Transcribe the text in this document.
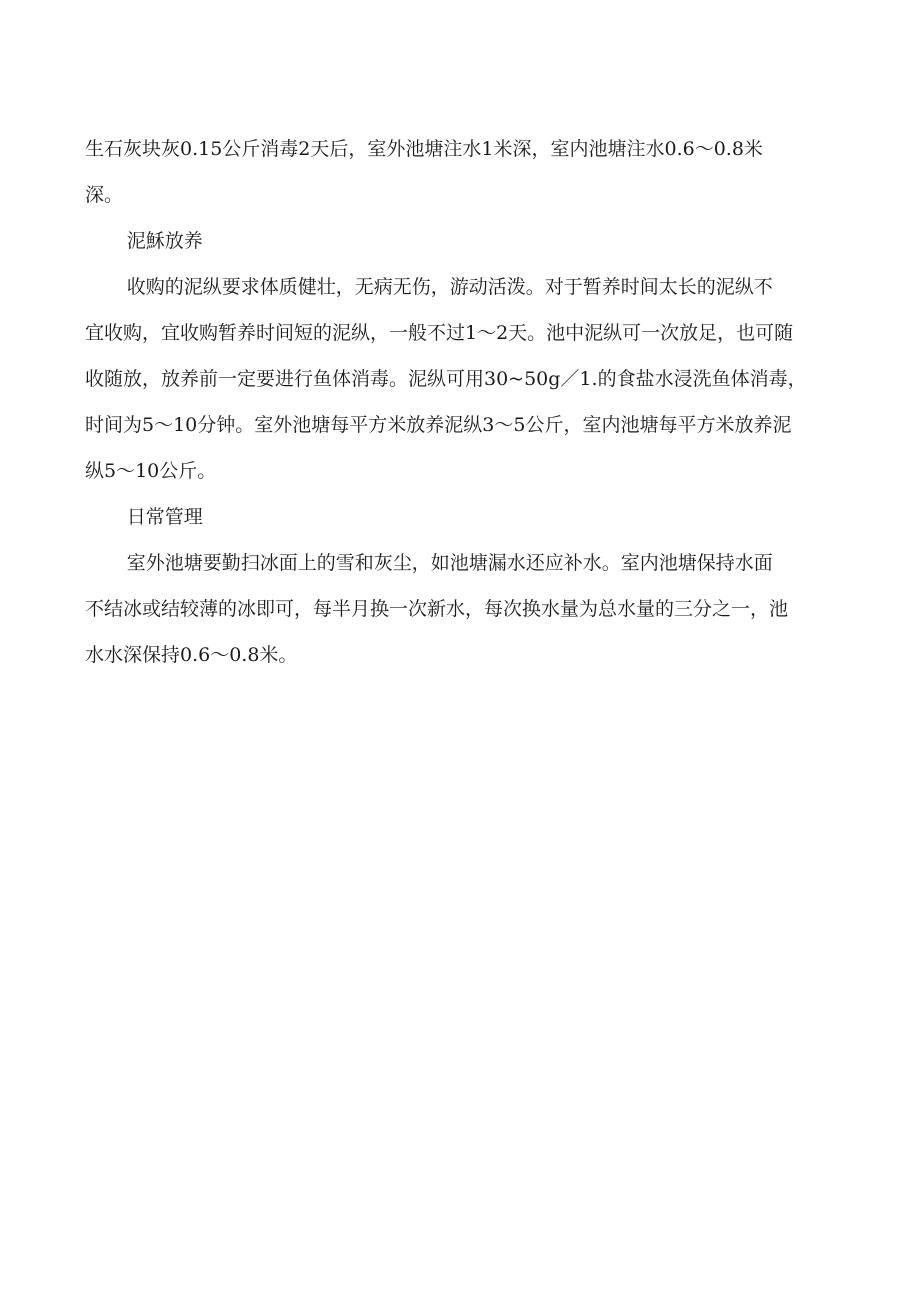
生石灰块灰0.15公斤消毒2天后，室外池塘注水1米深，室内池塘注水0.6～0.8米
深。

泥穌放养

收购的泥纵要求体质健壮，无病无伤，游动活泼。对于暂养时间太长的泥纵不
宜收购，宜收购暂养时间短的泥纵，一般不过1～2天。池中泥纵可一次放足，也可随
收随放，放养前一定要进行鱼体消毒。泥纵可用30~50g／1.的食盐水浸洗鱼体消毒，
时间为5～10分钟。室外池塘每平方米放养泥纵3～5公斤，室内池塘每平方米放养泥
纵5～10公斤。

日常管理

室外池塘要勤扫冰面上的雪和灰尘，如池塘漏水还应补水。室内池塘保持水面
不结冰或结较薄的冰即可，每半月换一次新水，每次换水量为总水量的三分之一，池
水水深保持0.6～0.8米。
